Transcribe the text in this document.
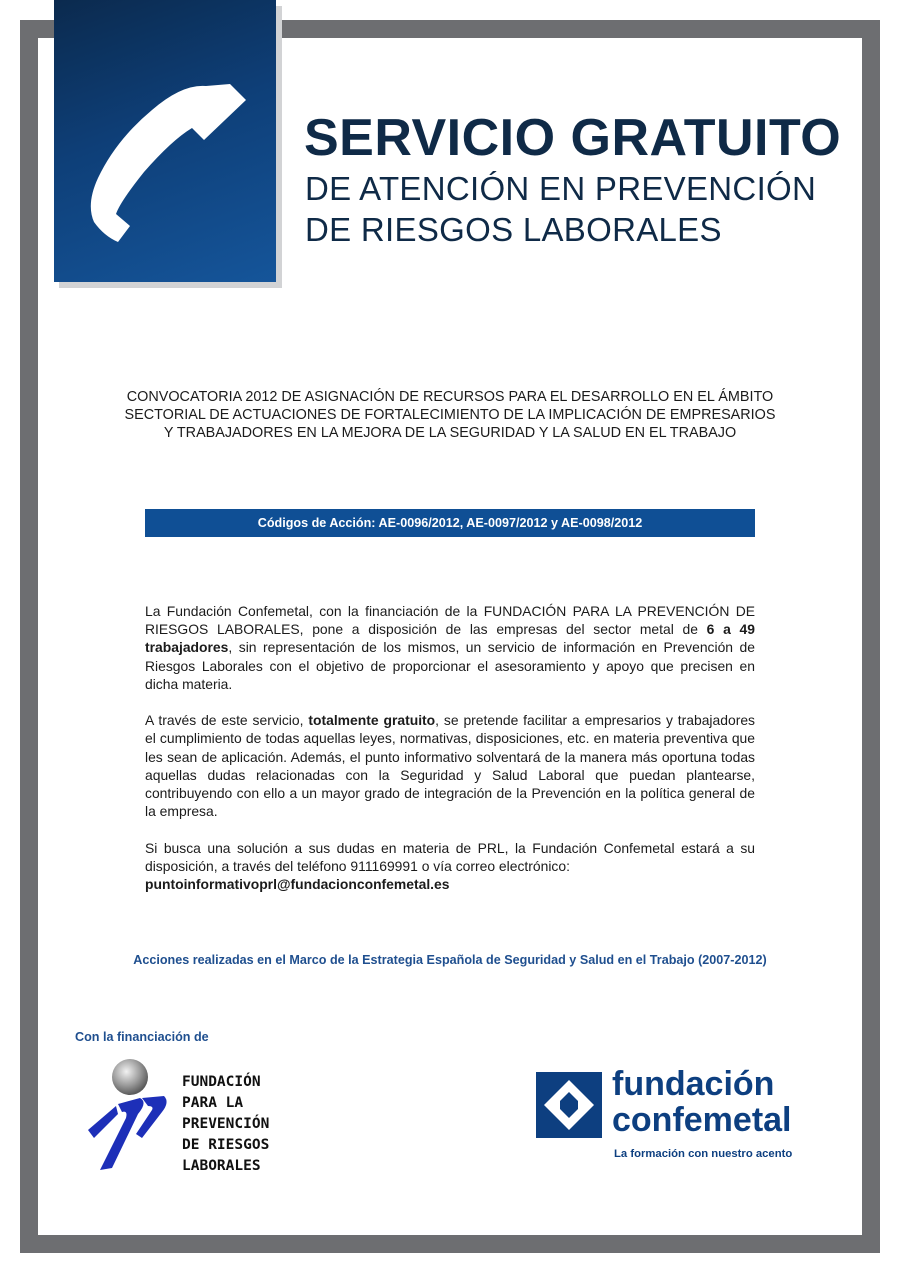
SERVICIO GRATUITO
DE ATENCIÓN EN PREVENCIÓN
DE RIESGOS LABORALES
CONVOCATORIA 2012 DE ASIGNACIÓN DE RECURSOS PARA EL DESARROLLO EN EL ÁMBITO
SECTORIAL DE ACTUACIONES DE FORTALECIMIENTO DE LA IMPLICACIÓN DE EMPRESARIOS
Y TRABAJADORES EN LA MEJORA DE LA SEGURIDAD Y LA SALUD EN EL TRABAJO
Códigos de Acción: AE-0096/2012, AE-0097/2012 y AE-0098/2012

La Fundación Confemetal, con la financiación de la FUNDACIÓN PARA LA PREVENCIÓN DE RIESGOS LABORALES, pone a disposición de las empresas del sector metal de 6 a 49 trabajadores, sin representación de los mismos, un servicio de información en Prevención de Riesgos Laborales con el objetivo de proporcionar el asesoramiento y apoyo que precisen en dicha materia.

A través de este servicio, totalmente gratuito, se pretende facilitar a empresarios y trabajadores el cumplimiento de todas aquellas leyes, normativas, disposiciones, etc. en materia preventiva que les sean de aplicación. Además, el punto informativo solventará de la manera más oportuna todas aquellas dudas relacionadas con la Seguridad y Salud Laboral que puedan plantearse, contribuyendo con ello a un mayor grado de integración de la Prevención en la política general de la empresa.

Si busca una solución a sus dudas en materia de PRL, la Fundación Confemetal estará a su disposición, a través del teléfono 911169991 o vía correo electrónico:
puntoinformativoprl@fundacionconfemetal.es

Acciones realizadas en el Marco de la Estrategia Española de Seguridad y Salud en el Trabajo (2007-2012)
Con la financiación de
FUNDACIÓN
PARA LA
PREVENCIÓN
DE RIESGOS
LABORALES
fundación
confemetal
La formación con nuestro acento
